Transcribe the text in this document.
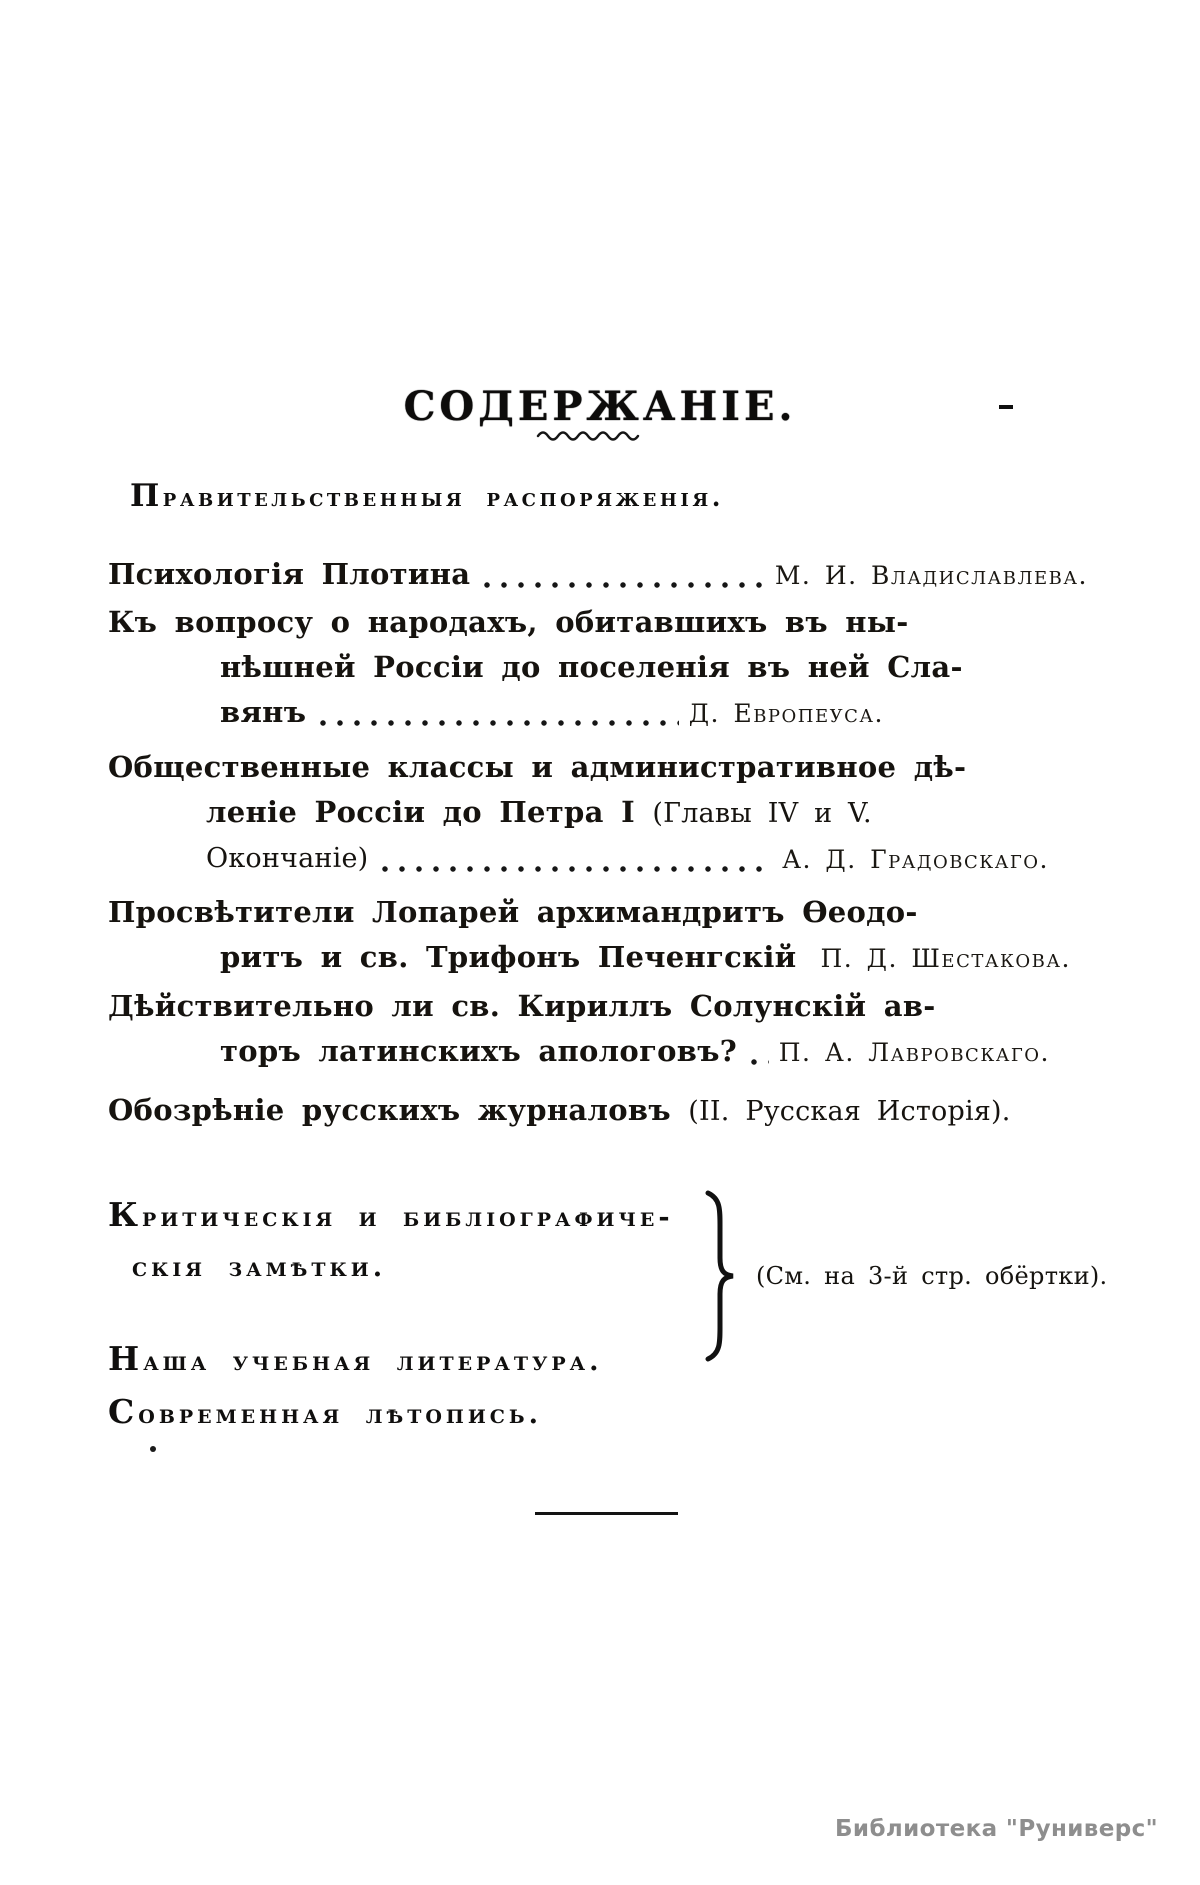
СОДЕРЖАНІЕ.
Правительственныя распоряженія.
Психологія Плотина	М. И. Владиславлева.
Къ вопросу о народахъ, обитавшихъ въ ны-
нѣшней Россіи до поселенія въ ней Сла-
вянъ	Д. Европеуса.
Общественные классы и административное дѣ-
леніе Россіи до Петра I (Главы IV и V.
Окончаніе)	А. Д. Градовскаго.
Просвѣтители Лопарей архимандритъ Ѳеодо-
ритъ и св. Трифонъ Печенгскій П. Д. Шестакова.
Дѣйствительно ли св. Кириллъ Солунскій ав-
торъ латинскихъ апологовъ? П. А. Лавровскаго.
Обозрѣніе русскихъ журналовъ (II. Русская Исторія).
Критическія и библіографиче-
скія замѣтки.
Наша учебная литература.
Современная лѣтопись.
(См. на 3-й стр. обёртки).
Библиотека "Руниверс"
